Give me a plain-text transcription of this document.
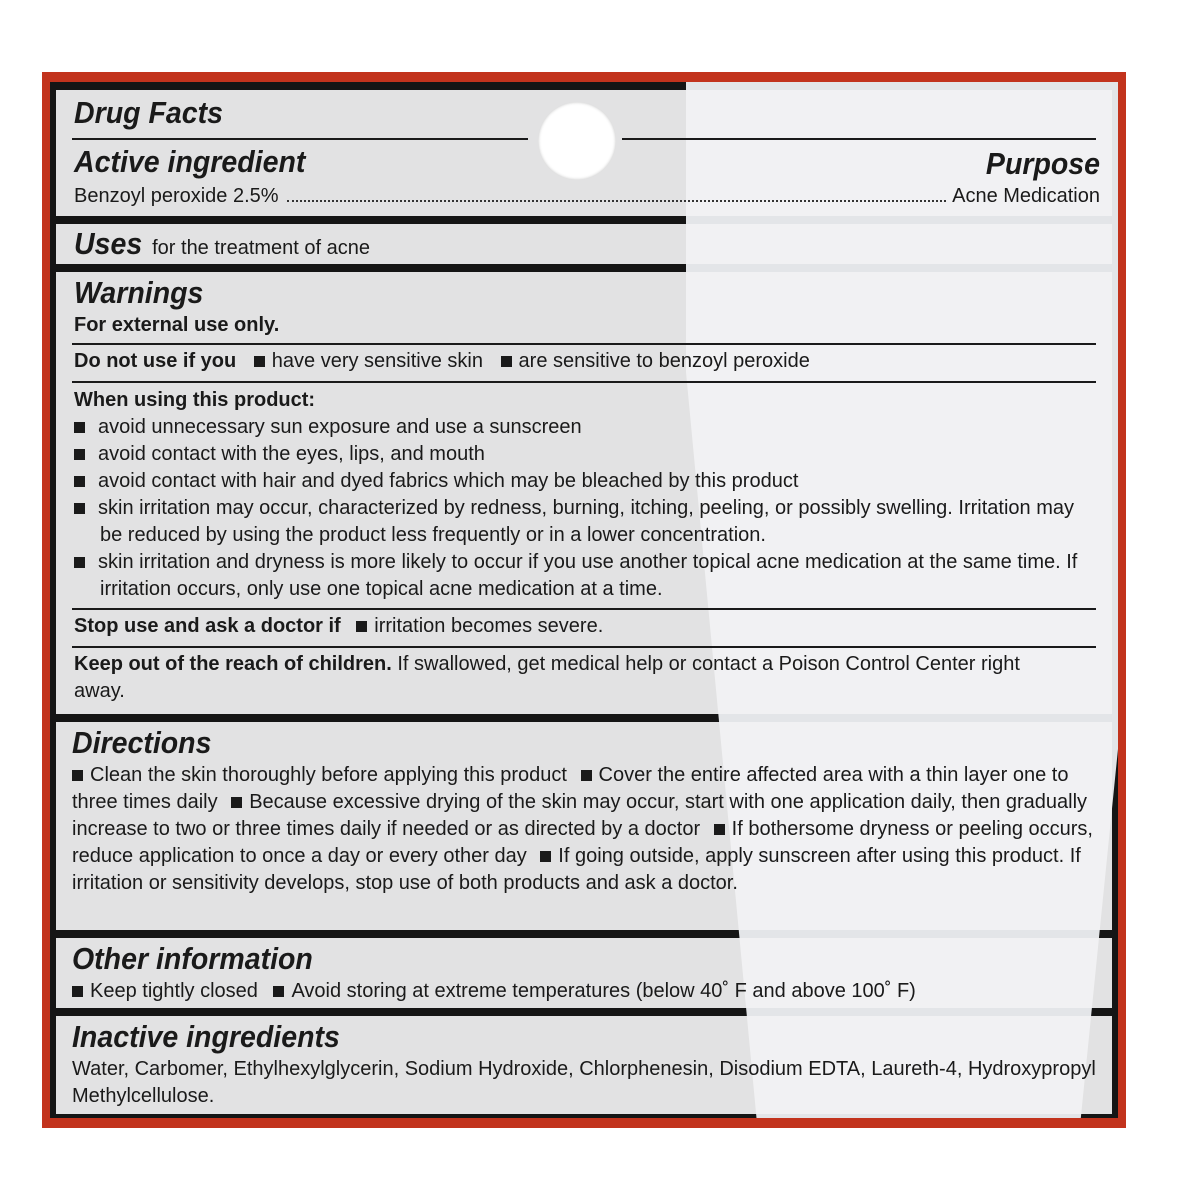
Drug Facts
Active ingredient	Purpose
Benzoyl peroxide 2.5%	Acne Medication
Uses for the treatment of acne
Warnings
For external use only.
Do not use if you have very sensitive skin are sensitive to benzoyl peroxide
When using this product:
avoid unnecessary sun exposure and use a sunscreen
avoid contact with the eyes, lips, and mouth
avoid contact with hair and dyed fabrics which may be bleached by this product
skin irritation may occur, characterized by redness, burning, itching, peeling, or possibly swelling. Irritation may be reduced by using the product less frequently or in a lower concentration.
skin irritation and dryness is more likely to occur if you use another topical acne medication at the same time. If irritation occurs, only use one topical acne medication at a time.
Stop use and ask a doctor if irritation becomes severe.
Keep out of the reach of children. If swallowed, get medical help or contact a Poison Control Center right away.
Directions
Clean the skin thoroughly before applying this product Cover the entire affected area with a thin layer one to three times daily Because excessive drying of the skin may occur, start with one application daily, then gradually increase to two or three times daily if needed or as directed by a doctor If bothersome dryness or peeling occurs, reduce application to once a day or every other day If going outside, apply sunscreen after using this product. If irritation or sensitivity develops, stop use of both products and ask a doctor.
Other information
Keep tightly closed Avoid storing at extreme temperatures (below 40˚ F and above 100˚ F)
Inactive ingredients
Water, Carbomer, Ethylhexylglycerin, Sodium Hydroxide, Chlorphenesin, Disodium EDTA, Laureth-4, Hydroxypropyl Methylcellulose.
